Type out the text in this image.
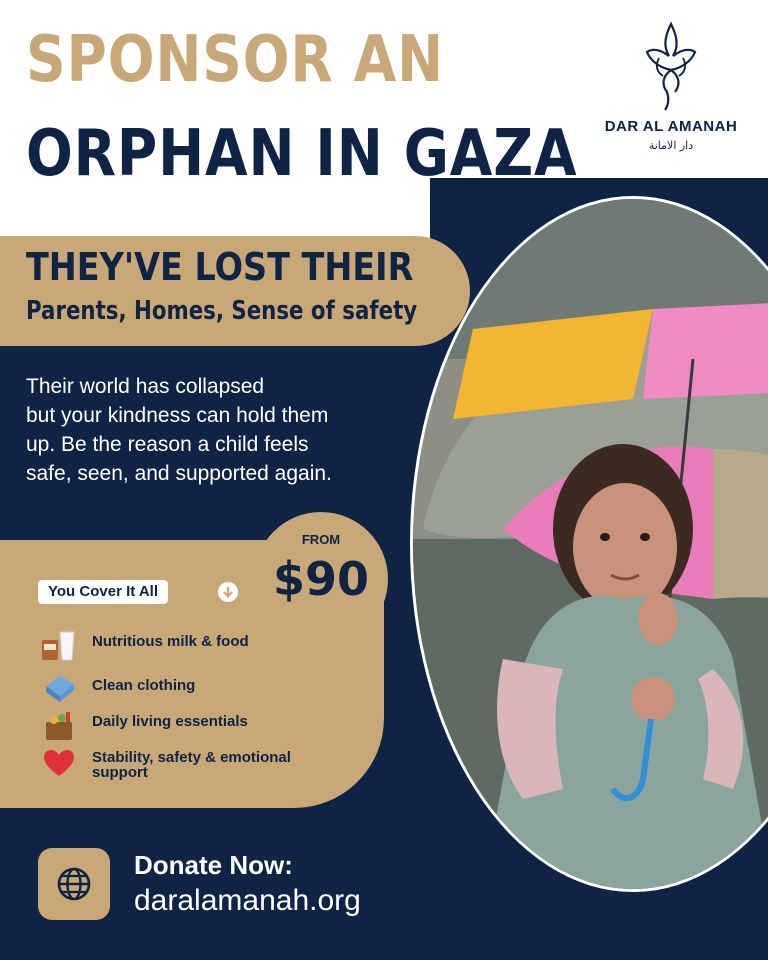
SPONSOR AN
ORPHAN IN GAZA	DAR AL AMANAH
دار الامانة
THEY'VE LOST THEIR
Parents, Homes, Sense of safety
Their world has collapsed
but your kindness can hold them
up. Be the reason a child feels
safe, seen, and supported again.
FROM
$90
You Cover It All
Nutritious milk & food
Clean clothing
Daily living essentials
Stability, safety & emotional support
Donate Now:
daralamanah.org
